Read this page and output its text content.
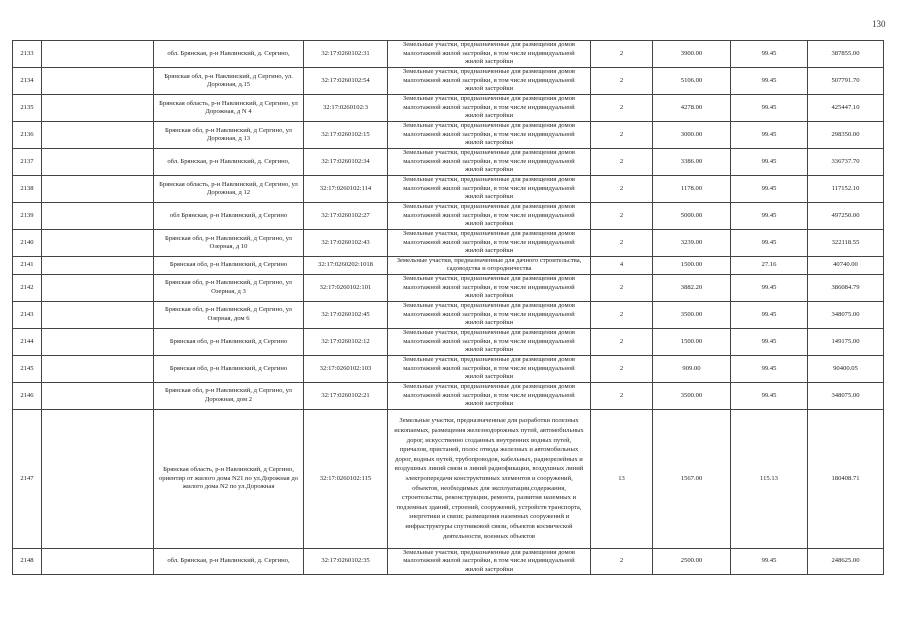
130
2133		обл. Брянская, р-н Навлинский, д. Сергино,	32:17:0260102:31	Земельные участки, предназначенные для размещения домов малоэтажной жилой застройки, в том числе индивидуальной жилой застройки	2	3900.00	99.45	387855.00
2134		Брянская обл, р-н Навлинский, д Сергино, ул. Дорожная, д.15	32:17:0260102:54	Земельные участки, предназначенные для размещения домов малоэтажной жилой застройки, в том числе индивидуальной жилой застройки	2	5106.00	99.45	507791.70
2135		Брянская область, р-н Навлинский, д Сергино, ул Дорожная, д N 4	32:17:0260102:3	Земельные участки, предназначенные для размещения домов малоэтажной жилой застройки, в том числе индивидуальной жилой застройки	2	4278.00	99.45	425447.10
2136		Брянская обл, р-н Навлинский, д Сергино, ул Дорожная, д 13	32:17:0260102:15	Земельные участки, предназначенные для размещения домов малоэтажной жилой застройки, в том числе индивидуальной жилой застройки	2	3000.00	99.45	298350.00
2137		обл. Брянская, р-н Навлинский, д. Сергино,	32:17:0260102:34	Земельные участки, предназначенные для размещения домов малоэтажной жилой застройки, в том числе индивидуальной жилой застройки	2	3386.00	99.45	336737.70
2138		Брянская область, р-н Навлинский, д Сергино, ул Дорожная, д 12	32:17:0260102:114	Земельные участки, предназначенные для размещения домов малоэтажной жилой застройки, в том числе индивидуальной жилой застройки	2	1178.00	99.45	117152.10
2139		обл Брянская, р-н Навлинский, д Сергино	32:17:0260102:27	Земельные участки, предназначенные для размещения домов малоэтажной жилой застройки, в том числе индивидуальной жилой застройки	2	5000.00	99.45	497250.00
2140		Брянская обл, р-н Навлинский, д Сергино, ул Озерная, д 10	32:17:0260102:43	Земельные участки, предназначенные для размещения домов малоэтажной жилой застройки, в том числе индивидуальной жилой застройки	2	3239.00	99.45	322118.55
2141		Брянская обл, р-н Навлинский, д Сергино	32:17:0260202:1018	Земельные участки, предназначенные для дачного строительства, садоводства и огородничества	4	1500.00	27.16	40740.00
2142		Брянская обл, р-н Навлинский, д Сергино, ул Озерная, д 3	32:17:0260102:101	Земельные участки, предназначенные для размещения домов малоэтажной жилой застройки, в том числе индивидуальной жилой застройки	2	3882.20	99.45	386084.79
2143		Брянская обл, р-н Навлинский, д Сергино, ул Озерная, дом 6	32:17:0260102:45	Земельные участки, предназначенные для размещения домов малоэтажной жилой застройки, в том числе индивидуальной жилой застройки	2	3500.00	99.45	348075.00
2144		Брянская обл, р-н Навлинский, д Сергино	32:17:0260102:12	Земельные участки, предназначенные для размещения домов малоэтажной жилой застройки, в том числе индивидуальной жилой застройки	2	1500.00	99.45	149175.00
2145		Брянская обл, р-н Навлинский, д Сергино	32:17:0260102:103	Земельные участки, предназначенные для размещения домов малоэтажной жилой застройки, в том числе индивидуальной жилой застройки	2	909.00	99.45	90400.05
2146		Брянская обл, р-н Навлинский, д Сергино, ул Дорожная, дом 2	32:17:0260102:21	Земельные участки, предназначенные для размещения домов малоэтажной жилой застройки, в том числе индивидуальной жилой застройки	2	3500.00	99.45	348075.00
2147		Брянская область, р-н Навлинский, д Сергино, ориентир от жилого дома N21 по ул.Дорожная до жилого дома N2 по ул.Дорожная	32:17:0260102:115	Земельные участки, предназначенные для разработки полезных ископаемых, размещения железнодорожных путей, автомобильных дорог, искусственно созданных внутренних водных путей, причалов, пристаней, полос отвода железных и автомобильных дорог, водных путей, трубопроводов, кабельных, радиорелейных и воздушных линий связи и линий радиофикации, воздушных линий электропередачи конструктивных элементов и сооружений, объектов, необходимых для эксплуатации,содержания, строительства, реконструкции, ремонта, развития наземных и подземных зданий, строений, сооружений, устройств транспорта, энергетики и связи; размещения наземных сооружений и инфраструктуры спутниковой связи, объектов космической деятельности, военных объектов	13	1567.00	115.13	180408.71
2148		обл. Брянская, р-н Навлинский, д. Сергино,	32:17:0260102:35	Земельные участки, предназначенные для размещения домов малоэтажной жилой застройки, в том числе индивидуальной жилой застройки	2	2500.00	99.45	248625.00
